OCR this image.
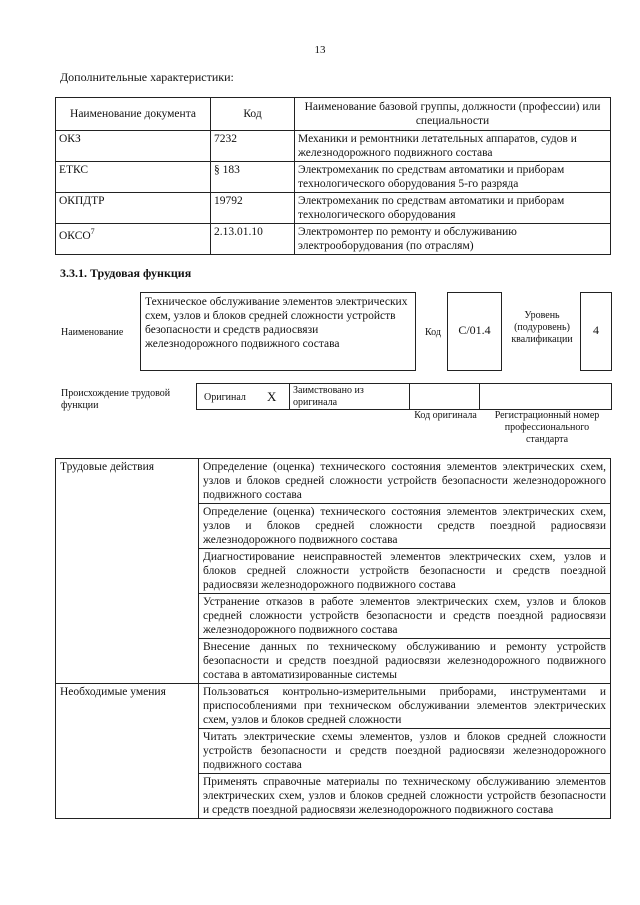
13
Дополнительные характеристики:
Наименование документа	Код	Наименование базовой группы, должности (профессии) или специальности
ОКЗ	7232	Механики и ремонтники летательных аппаратов, судов и железнодорожного подвижного состава
ЕТКС	§ 183	Электромеханик по средствам автоматики и приборам технологического оборудования 5-го разряда
ОКПДТР	19792	Электромеханик по средствам автоматики и приборам технологического оборудования
ОКСО$^7$	2.13.01.10	Электромонтер по ремонту и обслуживанию электрооборудования (по отраслям)
3.3.1. Трудовая функция
Наименование
Техническое обслуживание элементов электрических схем, узлов и блоков средней сложности устройств безопасности и средств радиосвязи железнодорожного подвижного состава
Код	С/01.4
Уровень (подуровень) квалификации
4
Происхождение трудовой функции
Оригинал X Заимствовано из оригинала
Код оригинала	Регистрационный номер профессионального стандарта
Трудовые действия	Определение (оценка) технического состояния элементов электрических схем, узлов и блоков средней сложности устройств безопасности железнодорожного подвижного состава
	Определение (оценка) технического состояния элементов электрических схем, узлов и блоков средней сложности средств поездной радиосвязи железнодорожного подвижного состава
	Диагностирование неисправностей элементов электрических схем, узлов и блоков средней сложности устройств безопасности и средств поездной радиосвязи железнодорожного подвижного состава
	Устранение отказов в работе элементов электрических схем, узлов и блоков средней сложности устройств безопасности и средств поездной радиосвязи железнодорожного подвижного состава
	Внесение данных по техническому обслуживанию и ремонту устройств безопасности и средств поездной радиосвязи железнодорожного подвижного состава в автоматизированные системы
Необходимые умения	Пользоваться контрольно-измерительными приборами, инструментами и приспособлениями при техническом обслуживании элементов электрических схем, узлов и блоков средней сложности
	Читать электрические схемы элементов, узлов и блоков средней сложности устройств безопасности и средств поездной радиосвязи железнодорожного подвижного состава
	Применять справочные материалы по техническому обслуживанию элементов электрических схем, узлов и блоков средней сложности устройств безопасности и средств поездной радиосвязи железнодорожного подвижного состава
